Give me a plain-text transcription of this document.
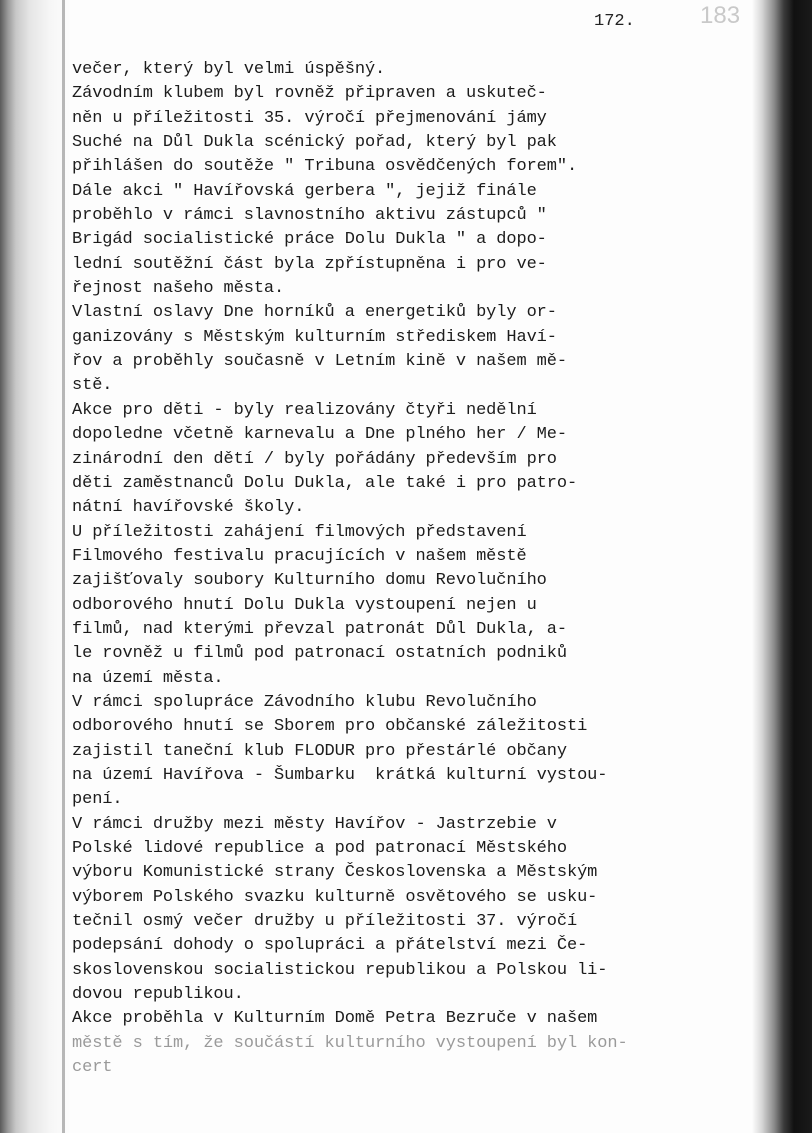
172.	183
večer, který byl velmi úspěšný.
Závodním klubem byl rovněž připraven a uskuteč-
něn u příležitosti 35. výročí přejmenování jámy
Suché na Důl Dukla scénický pořad, který byl pak
přihlášen do soutěže " Tribuna osvědčených forem".
Dále akci " Havířovská gerbera ", jejiž finále
proběhlo v rámci slavnostního aktivu zástupců "
Brigád socialistické práce Dolu Dukla " a dopo-
lední soutěžní část byla zpřístupněna i pro ve-
řejnost našeho města.
Vlastní oslavy Dne horníků a energetiků byly or-
ganizovány s Městským kulturním střediskem Haví-
řov a proběhly současně v Letním kině v našem mě-
stě.
Akce pro děti - byly realizovány čtyři nedělní
dopoledne včetně karnevalu a Dne plného her / Me-
zinárodní den dětí / byly pořádány především pro
děti zaměstnanců Dolu Dukla, ale také i pro patro-
nátní havířovské školy.
U příležitosti zahájení filmových představení
Filmového festivalu pracujících v našem městě
zajišťovaly soubory Kulturního domu Revolučního
odborového hnutí Dolu Dukla vystoupení nejen u
filmů, nad kterými převzal patronát Důl Dukla, a-
le rovněž u filmů pod patronací ostatních podniků
na území města.
V rámci spolupráce Závodního klubu Revolučního
odborového hnutí se Sborem pro občanské záležitosti
zajistil taneční klub FLODUR pro přestárlé občany
na území Havířova - Šumbarku  krátká kulturní vystou-
pení.
V rámci družby mezi městy Havířov - Jastrzebie v
Polské lidové republice a pod patronací Městského
výboru Komunistické strany Československa a Městským
výborem Polského svazku kulturně osvětového se usku-
tečnil osmý večer družby u příležitosti 37. výročí
podepsání dohody o spolupráci a přátelství mezi Če-
skoslovenskou socialistickou republikou a Polskou li-
dovou republikou.
Akce proběhla v Kulturním Domě Petra Bezruče v našem
městě s tím, že součástí kulturního vystoupení byl kon-
cert
